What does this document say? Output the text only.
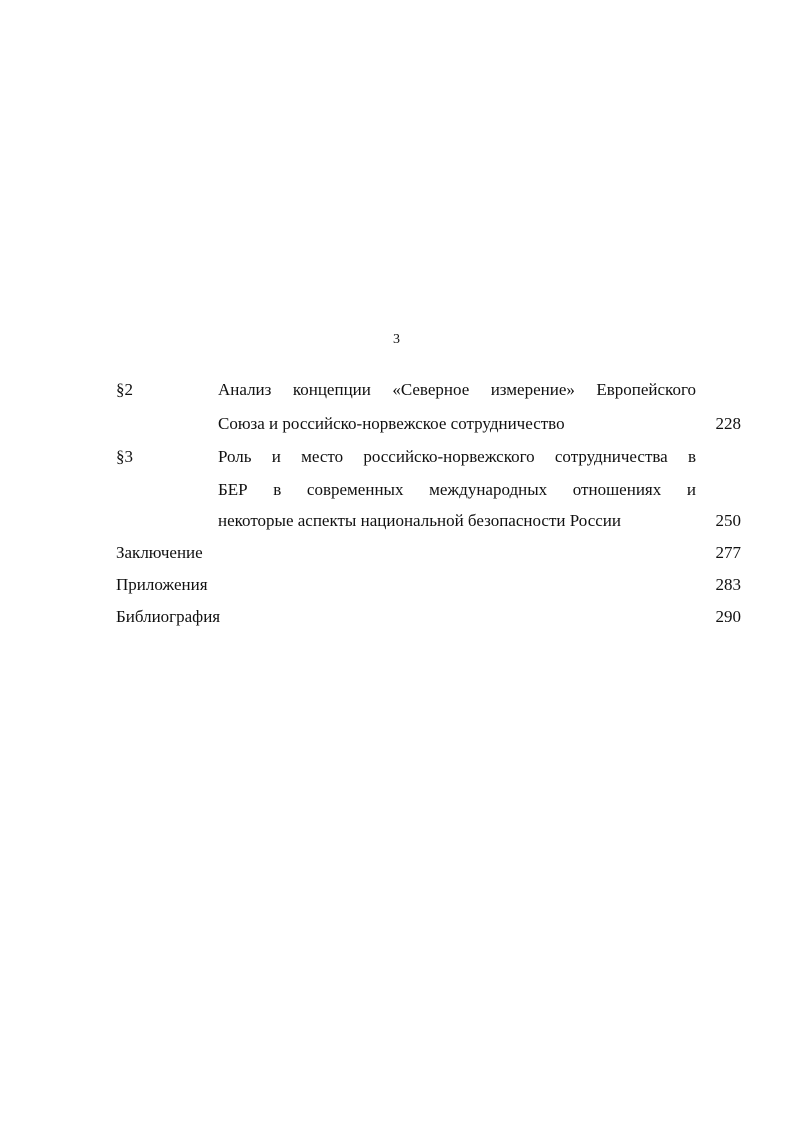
3
§2	Анализ концепции «Северное измерение» Европейского
Союза и российско-норвежское сотрудничество	228
§3	Роль и место российско-норвежского сотрудничества в
БЕР в современных международных отношениях и
некоторые аспекты национальной безопасности России	250
Заключение	277
Приложения	283
Библиография	290
